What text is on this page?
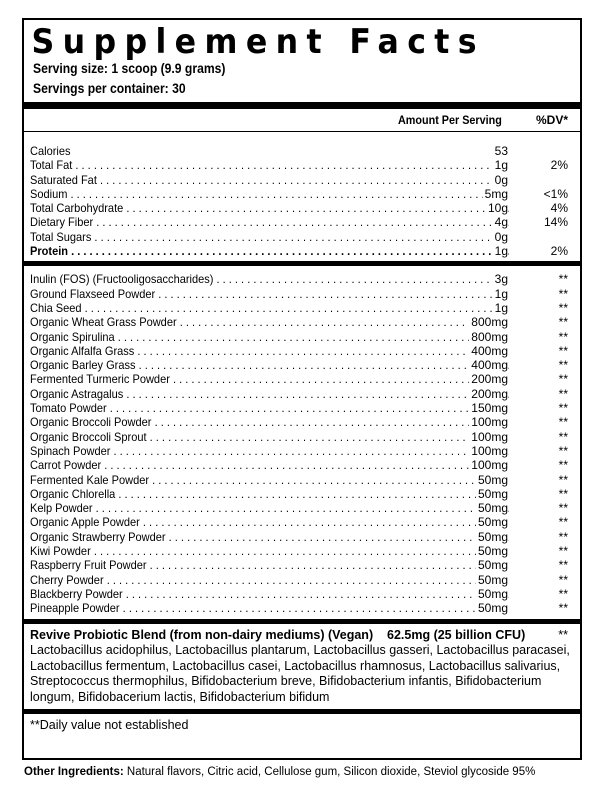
Supplement Facts
Serving size: 1 scoop (9.9 grams)
Servings per container: 30
Amount Per Serving	%DV*
Calories	53
Total Fat . . .	1g	2%
Saturated Fat . . .	0g
Sodium . . .	5mg	<1%
Total Carbohydrate . . .	10g	4%
Dietary Fiber . . .	4g	14%
Total Sugars . . .	0g
Protein . . .	1g	2%
Inulin (FOS) (Fructooligosaccharides) . . .	3g	**
Ground Flaxseed Powder . . .	1g	**
Chia Seed . . .	1g	**
Organic Wheat Grass Powder . . .	800mg	**
Organic Spirulina . . .	800mg	**
Organic Alfalfa Grass . . .	400mg	**
Organic Barley Grass . . .	400mg	**
Fermented Turmeric Powder . . .	200mg	**
Organic Astragalus . . .	200mg	**
Tomato Powder . . .	150mg	**
Organic Broccoli Powder . . .	100mg	**
Organic Broccoli Sprout . . .	100mg	**
Spinach Powder . . .	100mg	**
Carrot Powder . . .	100mg	**
Fermented Kale Powder . . .	50mg	**
Organic Chlorella . . .	50mg	**
Kelp Powder . . .	50mg	**
Organic Apple Powder . . .	50mg	**
Organic Strawberry Powder . . .	50mg	**
Kiwi Powder . . .	50mg	**
Raspberry Fruit Powder . . .	50mg	**
Cherry Powder . . .	50mg	**
Blackberry Powder . . .	50mg	**
Pineapple Powder . . .	50mg	**
Revive Probiotic Blend (from non-dairy mediums) (Vegan) 62.5mg (25 billion CFU)	**
Lactobacillus acidophilus, Lactobacillus plantarum, Lactobacillus gasseri, Lactobacillus paracasei, Lactobacillus fermentum, Lactobacillus casei, Lactobacillus rhamnosus, Lactobacillus salivarius, Streptococcus thermophilus, Bifidobacterium breve, Bifidobacterium infantis, Bifidobacterium longum, Bifidobacerium lactis, Bifidobacterium bifidum
**Daily value not established
Other Ingredients: Natural flavors, Citric acid, Cellulose gum, Silicon dioxide, Steviol glycoside 95%
